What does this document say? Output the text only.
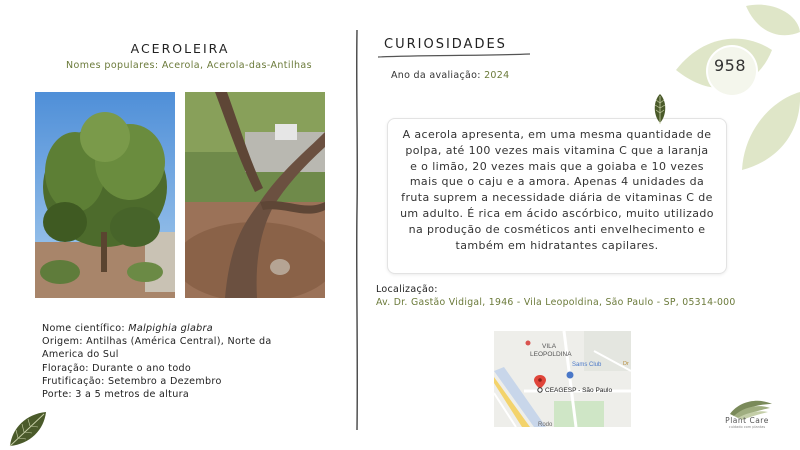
ACEROLEIRA
Nomes populares: Acerola, Acerola-das-Antilhas
Nome científico: Malpighia glabra
Origem: Antilhas (América Central), Norte da America do Sul
Floração: Durante o ano todo
Frutificação: Setembro a Dezembro
Porte: 3 a 5 metros de altura
CURIOSIDADES
Ano da avaliação: 2024
A acerola apresenta, em uma mesma quantidade de polpa, até 100 vezes mais vitamina C que a laranja e o limão, 20 vezes mais que a goiaba e 10 vezes mais que o caju e a amora. Apenas 4 unidades da fruta suprem a necessidade diária de vitaminas C de um adulto. É rica em ácido ascórbico, muito utilizado na produção de cosméticos anti envelhecimento e também em hidratantes capilares.
Localização:
Av. Dr. Gastão Vidigal, 1946 - Vila Leopoldina, São Paulo - SP, 05314-000
VILA
LEOPOLDINA
Sams Club
CEAGESP - São Paulo
Rodo
Dr
958
Plant Care
cuidado com plantas
